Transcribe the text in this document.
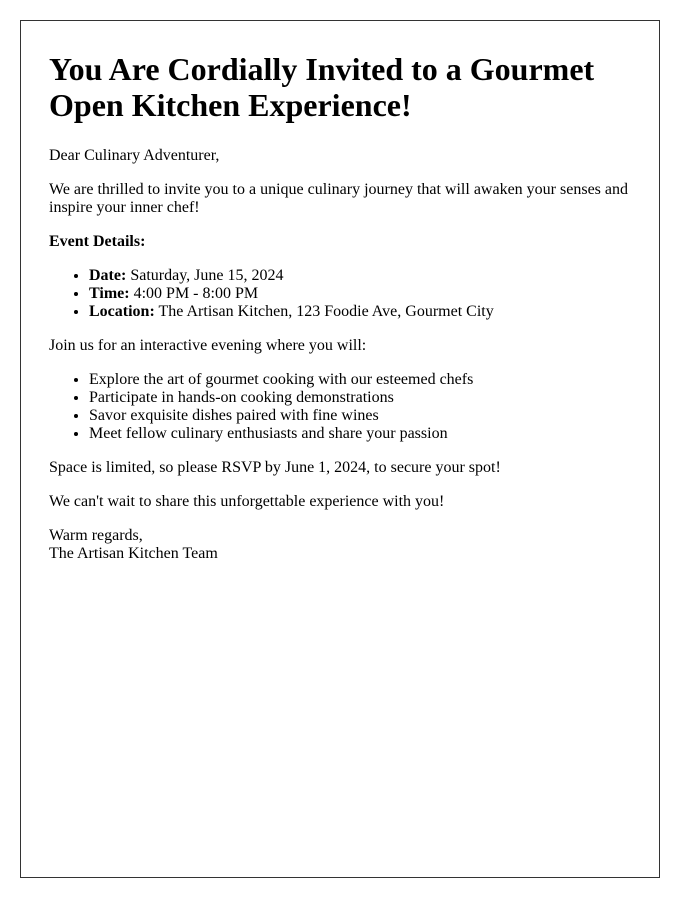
You Are Cordially Invited to a Gourmet Open Kitchen Experience!

Dear Culinary Adventurer,

We are thrilled to invite you to a unique culinary journey that will awaken your senses and inspire your inner chef!

Event Details:

• Date: Saturday, June 15, 2024
• Time: 4:00 PM - 8:00 PM
• Location: The Artisan Kitchen, 123 Foodie Ave, Gourmet City

Join us for an interactive evening where you will:

• Explore the art of gourmet cooking with our esteemed chefs
• Participate in hands-on cooking demonstrations
• Savor exquisite dishes paired with fine wines
• Meet fellow culinary enthusiasts and share your passion

Space is limited, so please RSVP by June 1, 2024, to secure your spot!

We can't wait to share this unforgettable experience with you!

Warm regards,
The Artisan Kitchen Team
